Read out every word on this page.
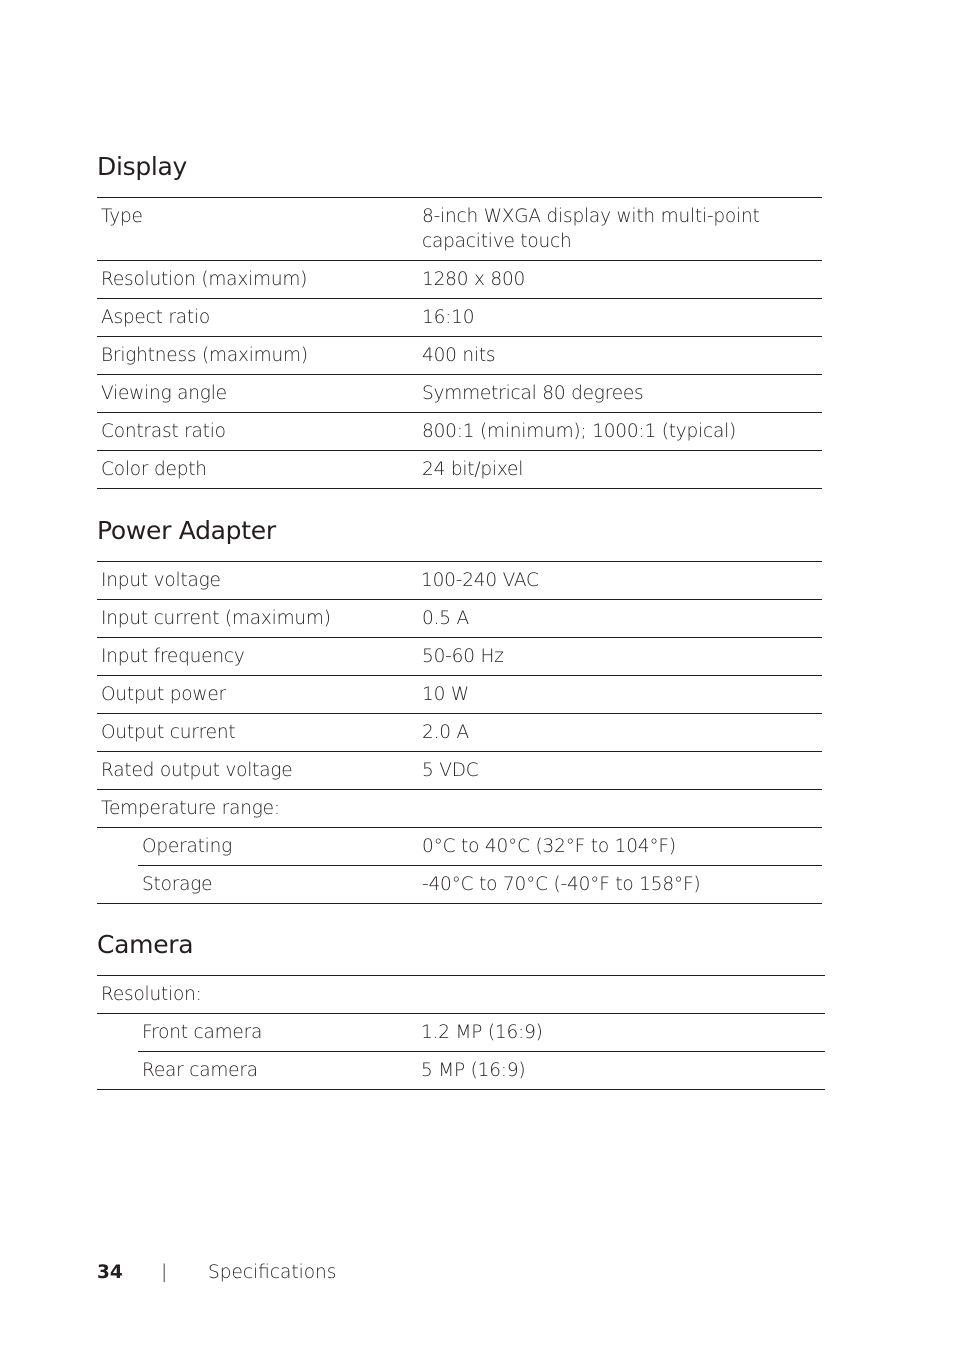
Display
Type	8-inch WXGA display with multi-point capacitive touch

Resolution (maximum)	1280 x 800

Aspect ratio	16:10

Brightness (maximum)	400 nits

Viewing angle	Symmetrical 80 degrees

Contrast ratio	800:1 (minimum); 1000:1 (typical)

Color depth	24 bit/pixel
Power Adapter
Input voltage		100-240 VAC

Input current (maximum)		0.5 A

Input frequency		50-60 Hz

Output power		10 W

Output current		2.0 A

Rated output voltage		5 VDC

Temperature range:		

	Operating	0°C to 40°C (32°F to 104°F)

	Storage	-40°C to 70°C (-40°F to 158°F)
Camera
Resolution:		

	Front camera	1.2 MP (16:9)

	Rear camera	5 MP (16:9)
34 | Specifications
